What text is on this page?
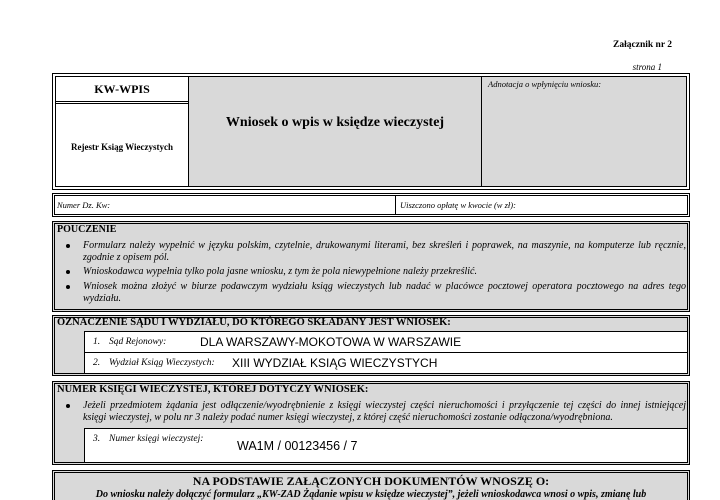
Załącznik nr 2
strona 1
KW-WPIS
Rejestr Ksiąg Wieczystych
Wniosek o wpis w księdze wieczystej
Adnotacja o wpłynięciu wniosku:
Numer Dz. Kw:	Uiszczono opłatę w kwocie (w zł):
POUCZENIE
Formularz należy wypełnić w języku polskim, czytelnie, drukowanymi literami, bez skreśleń i poprawek, na maszynie, na komputerze lub ręcznie,
zgodnie z opisem pól.
Wnioskodawca wypełnia tylko pola jasne wniosku, z tym że pola niewypełnione należy przekreślić.
Wniosek można złożyć w biurze podawczym wydziału ksiąg wieczystych lub nadać w placówce pocztowej operatora pocztowego na adres tego
wydziału.
OZNACZENIE SĄDU I WYDZIAŁU, DO KTÓREGO SKŁADANY JEST WNIOSEK:
1. Sąd Rejonowy:	DLA WARSZAWY-MOKOTOWA W WARSZAWIE
2. Wydział Ksiąg Wieczystych: XIII WYDZIAŁ KSIĄG WIECZYSTYCH
NUMER KSIĘGI WIECZYSTEJ, KTÓREJ DOTYCZY WNIOSEK:
Jeżeli przedmiotem żądania jest odłączenie/wyodrębnienie z księgi wieczystej części nieruchomości i przyłączenie tej części do innej istniejącej
księgi wieczystej, w polu nr 3 należy podać numer księgi wieczystej, z której część nieruchomości zostanie odłączona/wyodrębniona.
3. Numer księgi wieczystej:	WA1M / 00123456 / 7
NA PODSTAWIE ZAŁĄCZONYCH DOKUMENTÓW WNOSZĘ O:
Do wniosku należy dołączyć formularz „KW-ZAD Żądanie wpisu w księdze wieczystej”, jeżeli wnioskodawca wnosi o wpis, zmianę lub
